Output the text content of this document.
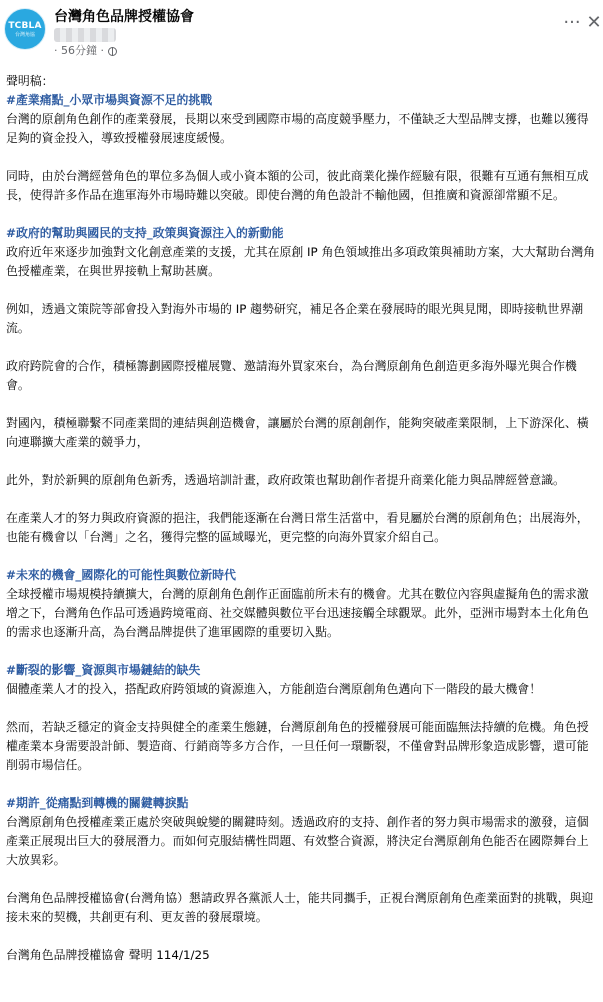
TCBLA
台灣角協
台灣角色品牌授權協會
· 56分鐘 ·
··· ✕

聲明稿：

#產業痛點_小眾市場與資源不足的挑戰

台灣的原創角色創作的產業發展，長期以來受到國際市場的高度競爭壓力，不僅缺乏大型品牌支撐，也難以獲得足夠的資金投入，導致授權發展速度緩慢。

同時，由於台灣經營角色的單位多為個人或小資本額的公司，彼此商業化操作經驗有限，很難有互通有無相互成長，使得許多作品在進軍海外市場時難以突破。即使台灣的角色設計不輸他國，但推廣和資源卻常顯不足。

#政府的幫助與國民的支持_政策與資源注入的新動能

政府近年來逐步加強對文化創意產業的支援，尤其在原創 IP 角色領域推出多項政策與補助方案，大大幫助台灣角色授權產業，在與世界接軌上幫助甚廣。

例如，透過文策院等部會投入對海外市場的 IP 趨勢研究，補足各企業在發展時的眼光與見聞，即時接軌世界潮流。

政府跨院會的合作，積極籌劃國際授權展覽、邀請海外買家來台，為台灣原創角色創造更多海外曝光與合作機會。

對國內，積極聯繫不同產業間的連結與創造機會，讓屬於台灣的原創創作，能夠突破產業限制，上下游深化、橫向連聯擴大產業的競爭力，

此外，對於新興的原創角色新秀，透過培訓計畫，政府政策也幫助創作者提升商業化能力與品牌經營意識。

在產業人才的努力與政府資源的挹注，我們能逐漸在台灣日常生活當中，看見屬於台灣的原創角色；出展海外，也能有機會以「台灣」之名，獲得完整的區域曝光，更完整的向海外買家介紹自己。

#未來的機會_國際化的可能性與數位新時代

全球授權市場規模持續擴大，台灣的原創角色創作正面臨前所未有的機會。尤其在數位內容與虛擬角色的需求激增之下，台灣角色作品可透過跨境電商、社交媒體與數位平台迅速接觸全球觀眾。此外，亞洲市場對本土化角色的需求也逐漸升高，為台灣品牌提供了進軍國際的重要切入點。

#斷裂的影響_資源與市場鏈結的缺失

個體產業人才的投入，搭配政府跨領域的資源進入，方能創造台灣原創角色邁向下一階段的最大機會！

然而，若缺乏穩定的資金支持與健全的產業生態鏈，台灣原創角色的授權發展可能面臨無法持續的危機。角色授權產業本身需要設計師、製造商、行銷商等多方合作，一旦任何一環斷裂，不僅會對品牌形象造成影響，還可能削弱市場信任。

#期許_從痛點到轉機的關鍵轉捩點

台灣原創角色授權產業正處於突破與蛻變的關鍵時刻。透過政府的支持、創作者的努力與市場需求的激發，這個產業正展現出巨大的發展潛力。而如何克服結構性問題、有效整合資源，將決定台灣原創角色能否在國際舞台上大放異彩。

台灣角色品牌授權協會(台灣角協）懇請政界各黨派人士，能共同攜手，正視台灣原創角色產業面對的挑戰，與迎接未來的契機，共創更有利、更友善的發展環境。

台灣角色品牌授權協會 聲明 114/1/25
